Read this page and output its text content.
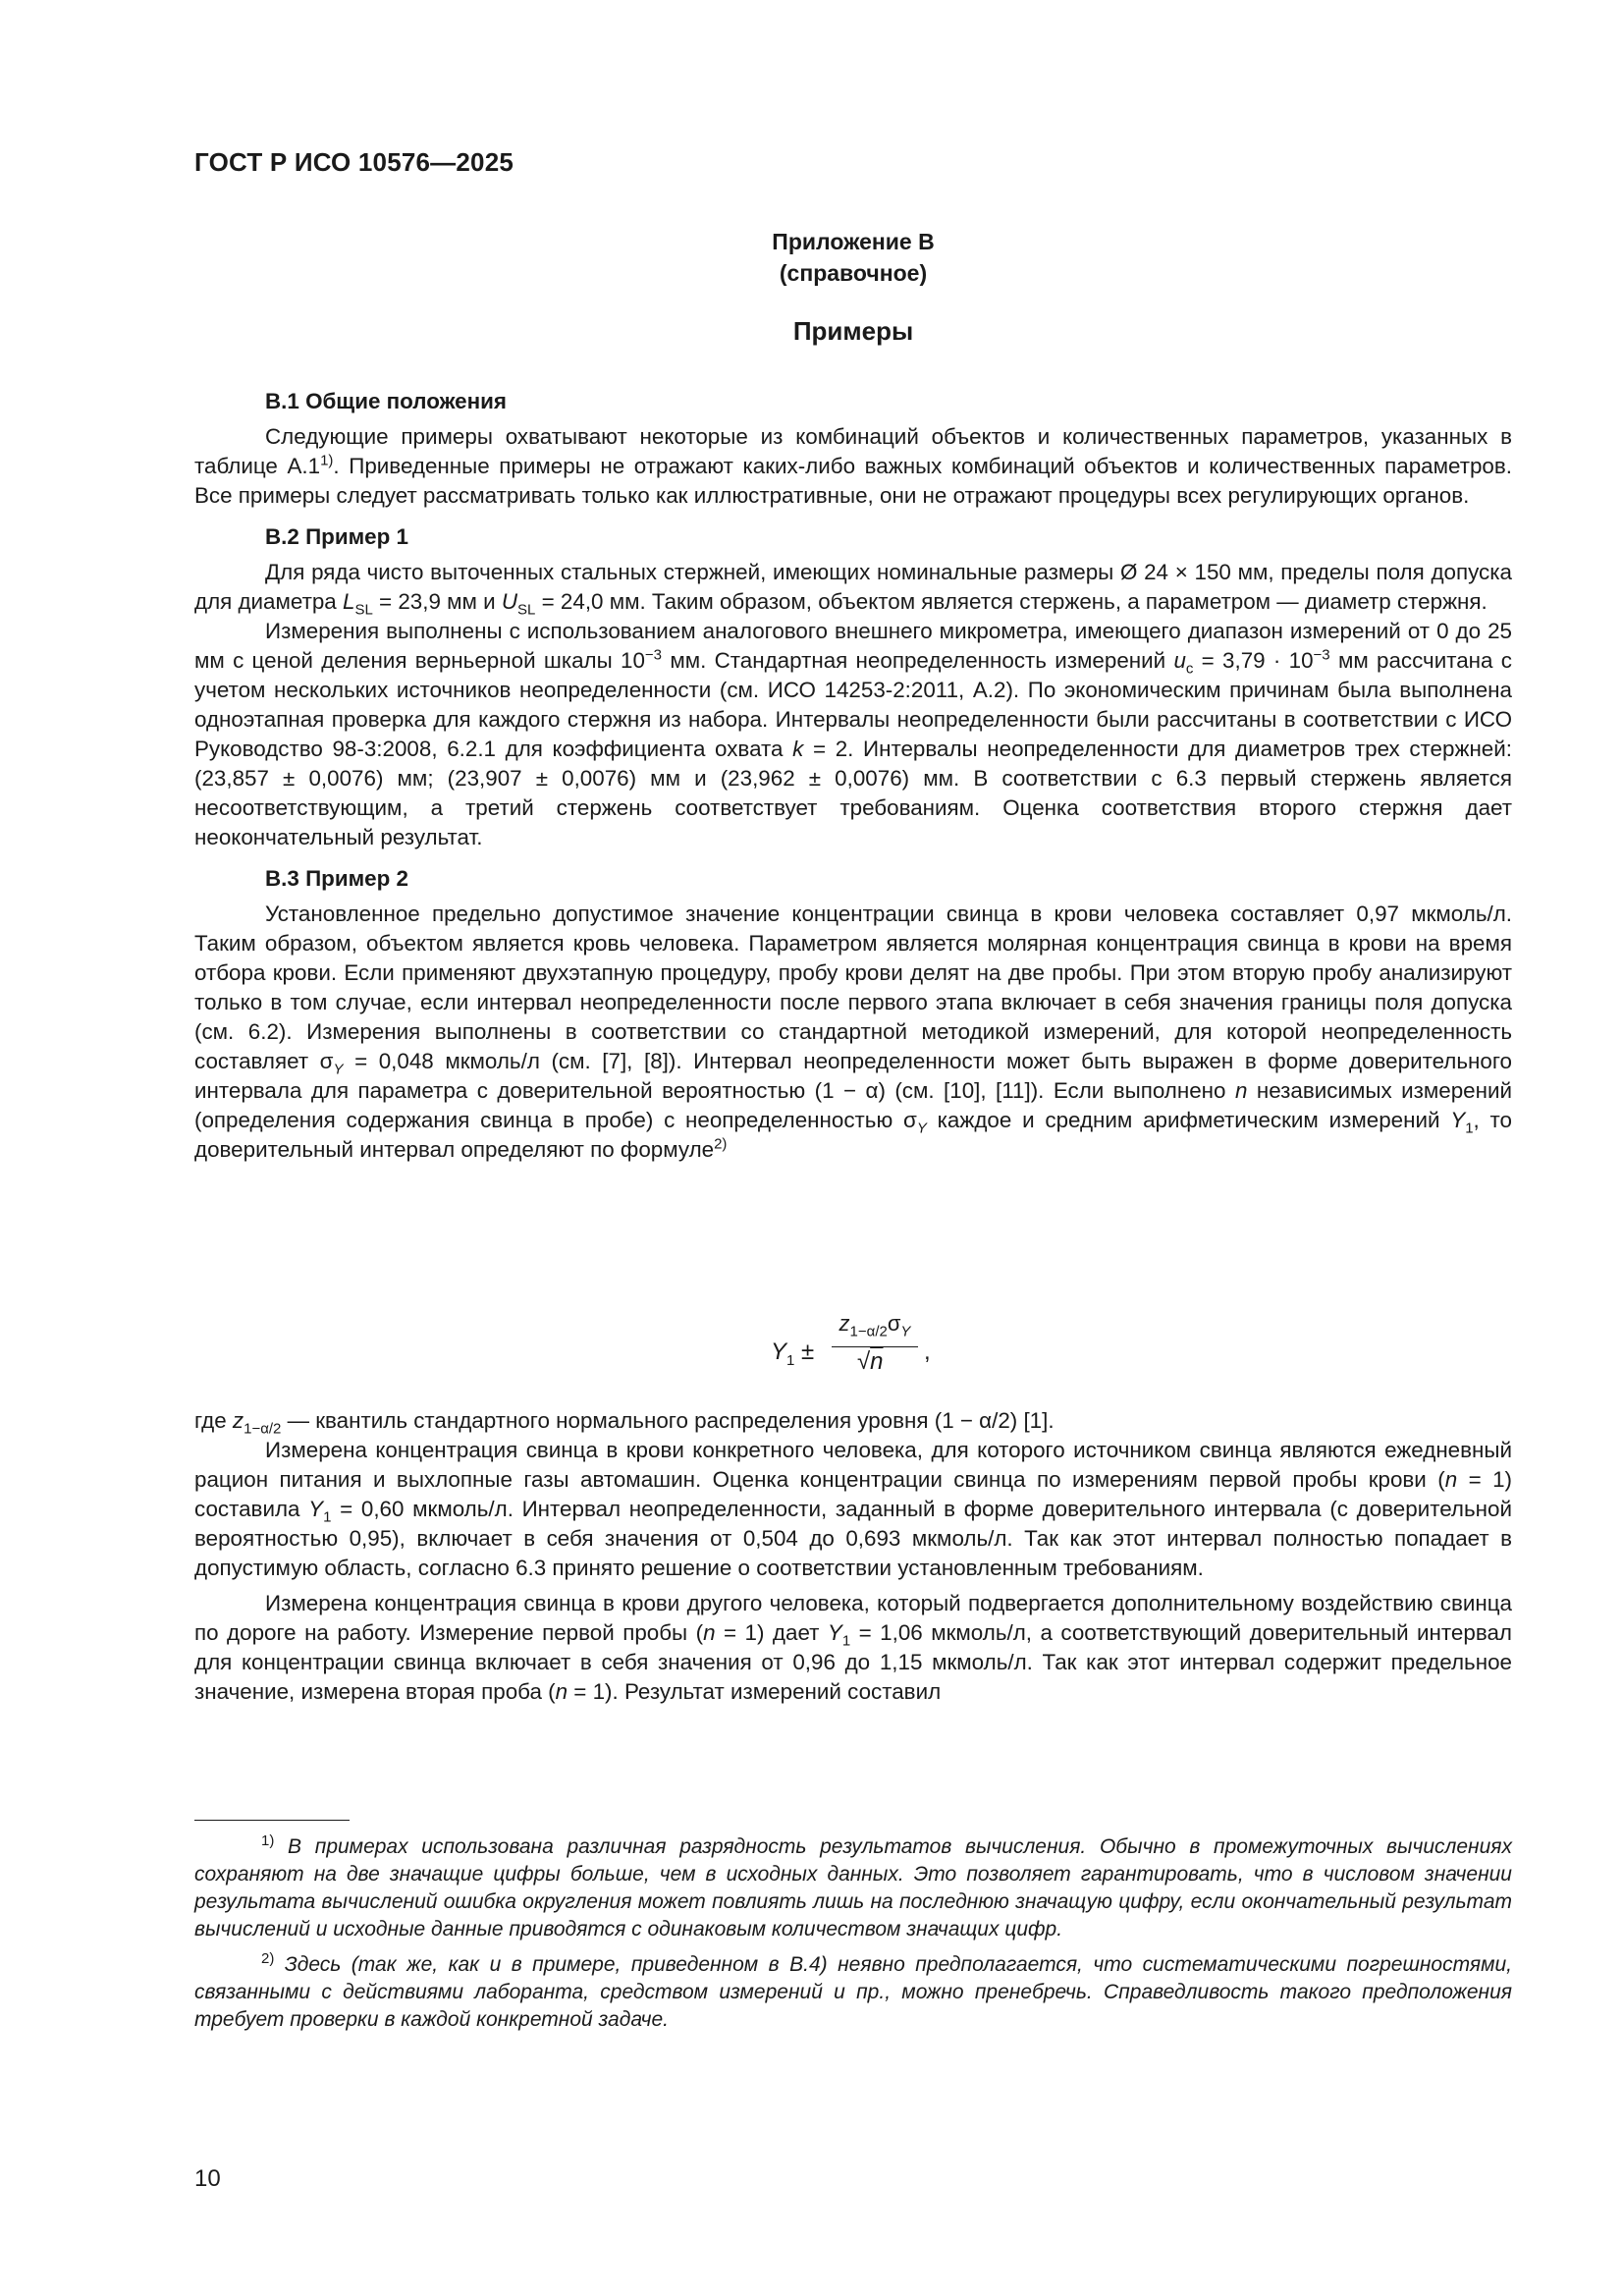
ГОСТ Р ИСО 10576—2025
Приложение В
(справочное)
Примеры
В.1 Общие положения

Следующие примеры охватывают некоторые из комбинаций объектов и количественных параметров, указанных в таблице А.1$^{1)}$. Приведенные примеры не отражают каких-либо важных комбинаций объектов и количественных параметров. Все примеры следует рассматривать только как иллюстративные, они не отражают процедуры всех регулирующих органов.

В.2 Пример 1

Для ряда чисто выточенных стальных стержней, имеющих номинальные размеры Ø 24 × 150 мм, пределы поля допуска для диаметра $L_{SL} = 23,9$ мм и $U_{SL} = 24,0$ мм. Таким образом, объектом является стержень, а параметром — диаметр стержня.

Измерения выполнены с использованием аналогового внешнего микрометра, имеющего диапазон измерений от 0 до 25 мм с ценой деления верньерной шкалы $10^{-3}$ мм. Стандартная неопределенность измерений $u_c = 3,79 \cdot 10^{-3}$ мм рассчитана с учетом нескольких источников неопределенности (см. ИСО 14253-2:2011, А.2). По экономическим причинам была выполнена одноэтапная проверка для каждого стержня из набора. Интервалы неопределенности были рассчитаны в соответствии с ИСО Руководство 98-3:2008, 6.2.1 для коэффициента охвата k = 2. Интервалы неопределенности для диаметров трех стержней: (23,857 ± 0,0076) мм; (23,907 ± 0,0076) мм и (23,962 ± 0,0076) мм. В соответствии с 6.3 первый стержень является несоответствующим, а третий стержень соответствует требованиям. Оценка соответствия второго стержня дает неокончательный результат.

В.3 Пример 2

Установленное предельно допустимое значение концентрации свинца в крови человека составляет 0,97 мкмоль/л. Таким образом, объектом является кровь человека. Параметром является молярная концентрация свинца в крови на время отбора крови. Если применяют двухэтапную процедуру, пробу крови делят на две пробы. При этом вторую пробу анализируют только в том случае, если интервал неопределенности после первого этапа включает в себя значения границы поля допуска (см. 6.2). Измерения выполнены в соответствии со стандартной методикой измерений, для которой неопределенность составляет $\sigma_Y = 0,048$ мкмоль/л (см. [7], [8]). Интервал неопределенности может быть выражен в форме доверительного интервала для параметра с доверительной вероятностью (1 − α) (см. [10], [11]). Если выполнено n независимых измерений (определения содержания свинца в пробе) с неопределенностью $\sigma_Y$ каждое и средним арифметическим измерений $Y_1$, то доверительный интервал определяют по формуле$^{2)}$

$Y_1$ ±
$z_{1-\alpha/2}\sigma_Y$
√n ,

где $z_{1-\alpha/2}$ — квантиль стандартного нормального распределения уровня (1 − α/2) [1].

Измерена концентрация свинца в крови конкретного человека, для которого источником свинца являются ежедневный рацион питания и выхлопные газы автомашин. Оценка концентрации свинца по измерениям первой пробы крови (n = 1) составила $Y_1 = 0,60$ мкмоль/л. Интервал неопределенности, заданный в форме доверительного интервала (с доверительной вероятностью 0,95), включает в себя значения от 0,504 до 0,693 мкмоль/л. Так как этот интервал полностью попадает в допустимую область, согласно 6.3 принято решение о соответствии установленным требованиям.

Измерена концентрация свинца в крови другого человека, который подвергается дополнительному воздействию свинца по дороге на работу. Измерение первой пробы (n = 1) дает $Y_1 = 1,06$ мкмоль/л, а соответствующий доверительный интервал для концентрации свинца включает в себя значения от 0,96 до 1,15 мкмоль/л. Так как этот интервал содержит предельное значение, измерена вторая проба (n = 1). Результат измерений составил

$^{1)}$ В примерах использована различная разрядность результатов вычисления. Обычно в промежуточных вычислениях сохраняют на две значащие цифры больше, чем в исходных данных. Это позволяет гарантировать, что в числовом значении результата вычислений ошибка округления может повлиять лишь на последнюю значащую цифру, если окончательный результат вычислений и исходные данные приводятся с одинаковым количеством значащих цифр.

$^{2)}$ Здесь (так же, как и в примере, приведенном в В.4) неявно предполагается, что систематическими погрешностями, связанными с действиями лаборанта, средством измерений и пр., можно пренебречь. Справедливость такого предположения требует проверки в каждой конкретной задаче.

10
